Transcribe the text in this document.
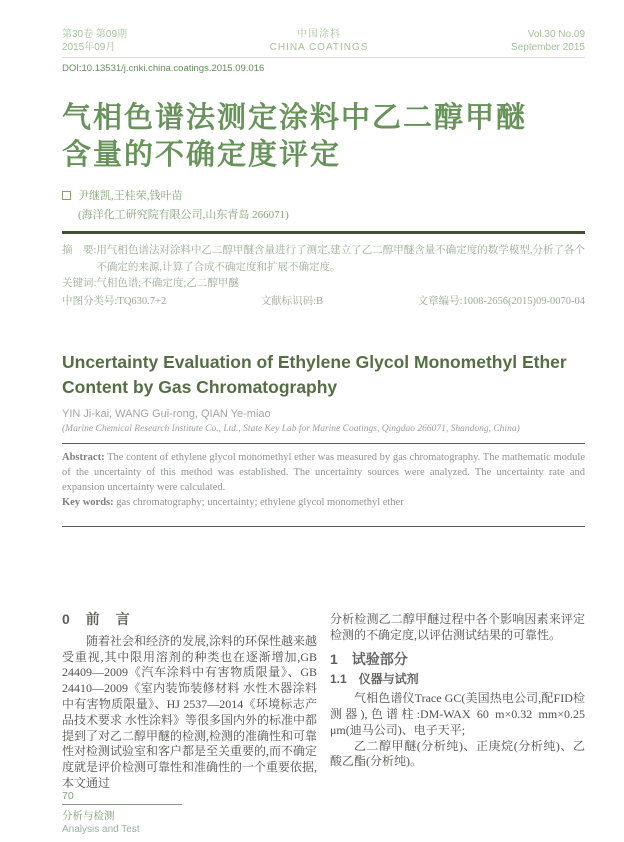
第30卷 第09期
2015年09月
中国涂料
CHINA COATINGS
Vol.30 No.09
September 2015
DOI:10.13531/j.cnki.china.coatings.2015.09.016
气相色谱法测定涂料中乙二醇甲醚
含量的不确定度评定
尹继凯,王桂荣,钱叶苗
(海洋化工研究院有限公司,山东青岛 266071)
摘　要: 用气相色谱法对涂料中乙二醇甲醚含量进行了测定,建立了乙二醇甲醚含量不确定度的数学模型,分析了各个不确定的来源,计算了合成不确定度和扩展不确定度。
关键词: 气相色谱;不确定度;乙二醇甲醚
中图分类号:TQ630.7+2	文献标识码:B	文章编号:1008-2656(2015)09-0070-04
Uncertainty Evaluation of Ethylene Glycol Monomethyl Ether
Content by Gas Chromatography
YIN Ji-kai, WANG Gui-rong, QIAN Ye-miao
(Marine Chemical Research Institute Co., Ltd., State Key Lab for Marine Coatings, Qingdao 266071, Shandong, China)
Abstract: The content of ethylene glycol monomethyl ether was measured by gas chromatography. The mathematic module of the uncertainty of this method was established. The uncertainty sources were analyzed. The uncertainty rate and expansion uncertainty were calculated.
Key words: gas chromatography; uncertainty; ethylene glycol monomethyl ether
0　前　言

随着社会和经济的发展,涂料的环保性越来越受重视,其中限用溶剂的种类也在逐渐增加,GB 24409—2009《汽车涂料中有害物质限量》、GB 24410—2009《室内装饰装修材料 水性木器涂料中有害物质限量》、HJ 2537—2014《环境标志产品技术要求 水性涂料》等很多国内外的标准中都提到了对乙二醇甲醚的检测,检测的准确性和可靠性对检测试验室和客户都是至关重要的,而不确定度就是评价检测可靠性和准确性的一个重要依据,本文通过

分析检测乙二醇甲醚过程中各个影响因素来评定检测的不确定度,以评估测试结果的可靠性。

1　试验部分
1.1　仪器与试剂

气相色谱仪Trace GC(美国热电公司,配FID检测器),色谱柱:DM-WAX 60 m×0.32 mm×0.25 μm(迪马公司)、电子天平;

乙二醇甲醚(分析纯)、正庚烷(分析纯)、乙酸乙酯(分析纯)。

70
分析与检测
Analysis and Test
